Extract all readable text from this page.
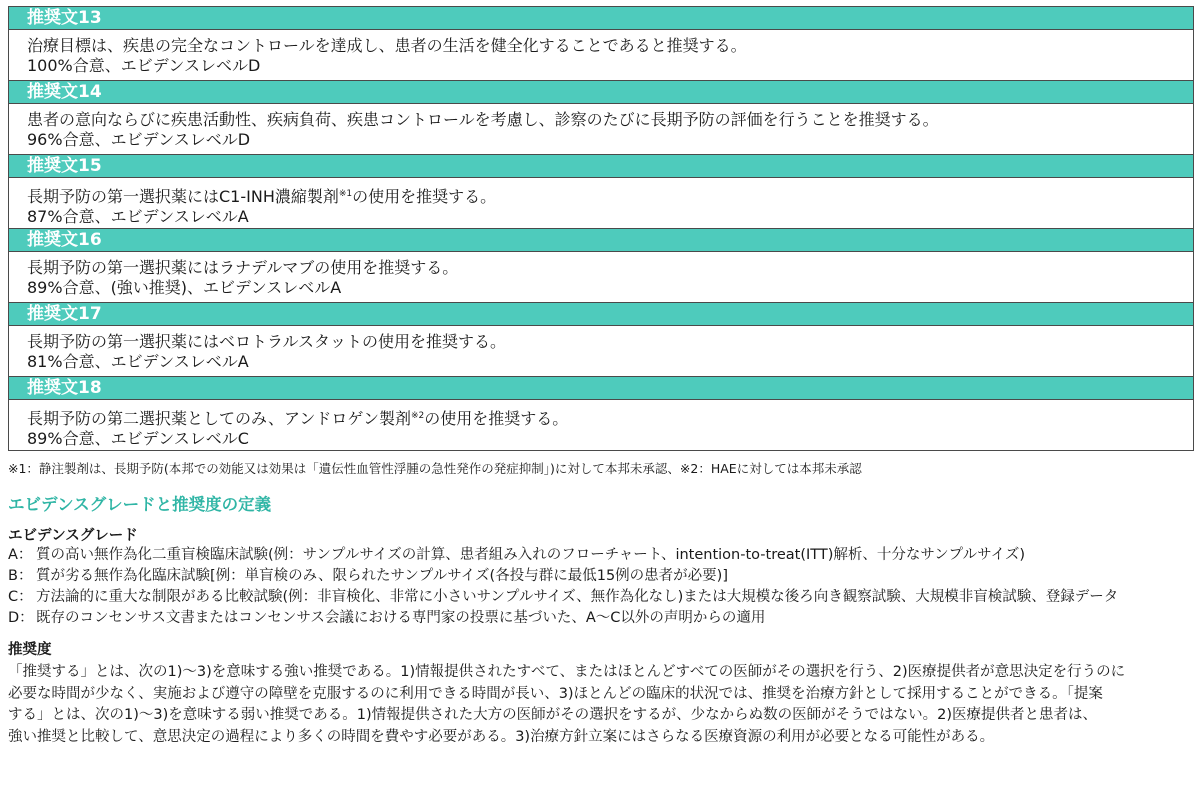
推奨文13
治療目標は、疾患の完全なコントロールを達成し、患者の生活を健全化することであると推奨する。
100%合意、エビデンスレベルD
推奨文14
患者の意向ならびに疾患活動性、疾病負荷、疾患コントロールを考慮し、診察のたびに長期予防の評価を行うことを推奨する。
96%合意、エビデンスレベルD
推奨文15
長期予防の第一選択薬にはC1-INH濃縮製剤$^{※1}$の使用を推奨する。
87%合意、エビデンスレベルA
推奨文16
長期予防の第一選択薬にはラナデルマブの使用を推奨する。
89%合意、(強い推奨)、エビデンスレベルA
推奨文17
長期予防の第一選択薬にはベロトラルスタットの使用を推奨する。
81%合意、エビデンスレベルA
推奨文18
長期予防の第二選択薬としてのみ、アンドロゲン製剤$^{※2}$の使用を推奨する。
89%合意、エビデンスレベルC
※1：静注製剤は、長期予防(本邦での効能又は効果は「遺伝性血管性浮腫の急性発作の発症抑制」)に対して本邦未承認、※2：HAEに対しては本邦未承認
エビデンスグレードと推奨度の定義
エビデンスグレード
A： 質の高い無作為化二重盲検臨床試験(例：サンプルサイズの計算、患者組み入れのフローチャート、intention-to-treat(ITT)解析、十分なサンプルサイズ)
B： 質が劣る無作為化臨床試験[例：単盲検のみ、限られたサンプルサイズ(各投与群に最低15例の患者が必要)]
C： 方法論的に重大な制限がある比較試験(例：非盲検化、非常に小さいサンプルサイズ、無作為化なし)または大規模な後ろ向き観察試験、大規模非盲検試験、登録データ
D： 既存のコンセンサス文書またはコンセンサス会議における専門家の投票に基づいた、A～C以外の声明からの適用
推奨度
「推奨する」とは、次の1)～3)を意味する強い推奨である。1)情報提供されたすべて、またはほとんどすべての医師がその選択を行う、2)医療提供者が意思決定を行うのに
必要な時間が少なく、実施および遵守の障壁を克服するのに利用できる時間が長い、3)ほとんどの臨床的状況では、推奨を治療方針として採用することができる。「提案
する」とは、次の1)～3)を意味する弱い推奨である。1)情報提供された大方の医師がその選択をするが、少なからぬ数の医師がそうではない。2)医療提供者と患者は、
強い推奨と比較して、意思決定の過程により多くの時間を費やす必要がある。3)治療方針立案にはさらなる医療資源の利用が必要となる可能性がある。
